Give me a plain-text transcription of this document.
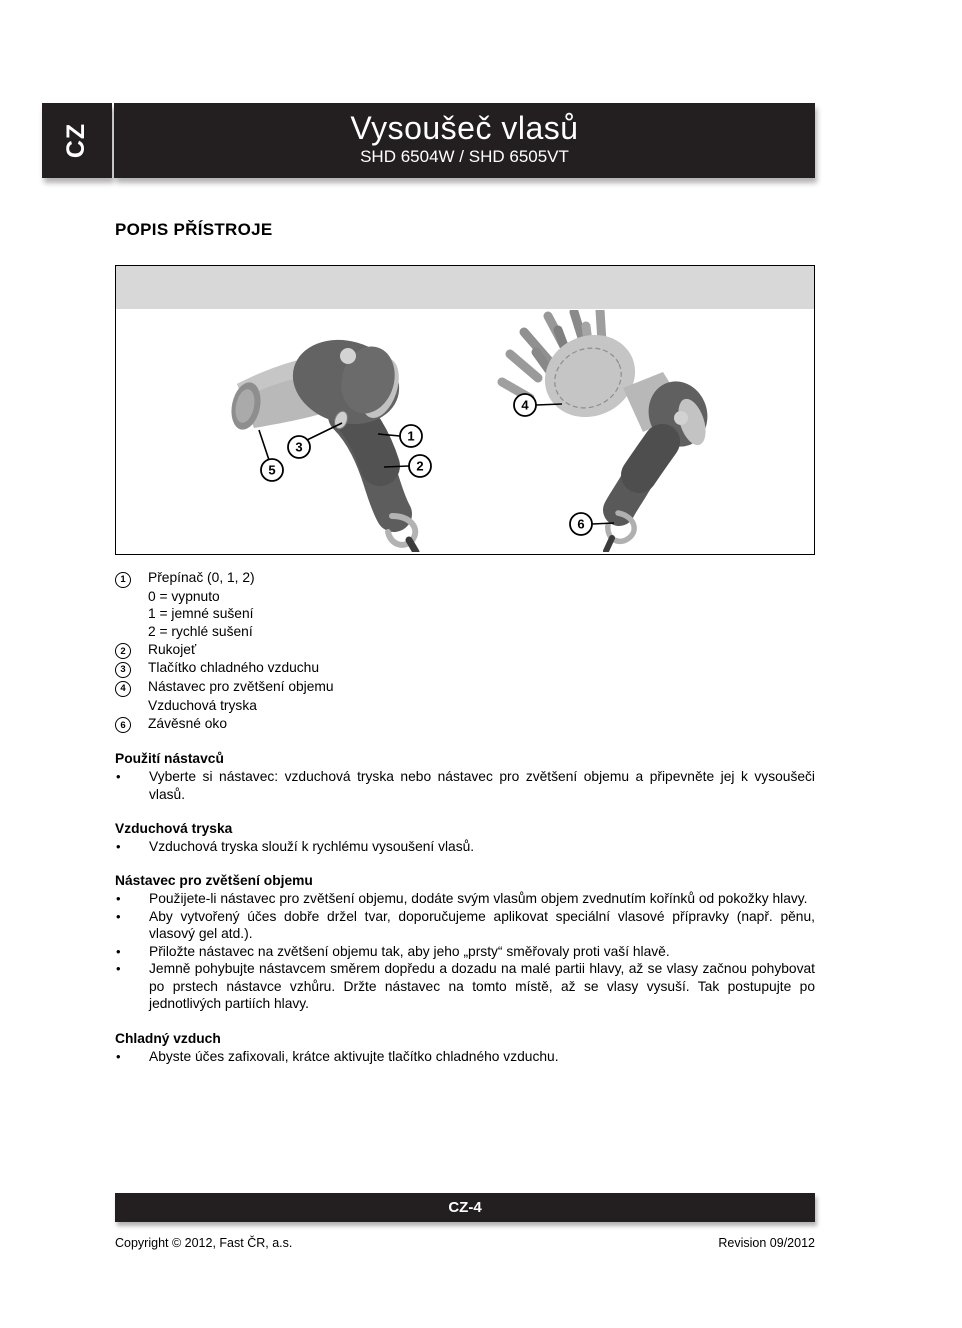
CZ	Vysoušeč vlasů
SHD 6504W / SHD 6505VT
POPIS PŘÍSTROJE
1
2
3
4
5
6
1	Přepínač (0, 1, 2)
0 = vypnuto
1 = jemné sušení
2 = rychlé sušení
2	Rukojeť
3	Tlačítko chladného vzduchu
4	Nástavec pro zvětšení objemu
Vzduchová tryska
6	Závěsné oko
Použití nástavců
•	Vyberte si nástavec: vzduchová tryska nebo nástavec pro zvětšení objemu a připevněte jej k vysoušeči vlasů.
Vzduchová tryska
•	Vzduchová tryska slouží k rychlému vysoušení vlasů.
Nástavec pro zvětšení objemu
•	Použijete-li nástavec pro zvětšení objemu, dodáte svým vlasům objem zvednutím kořínků od pokožky hlavy.
•	Aby vytvořený účes dobře držel tvar, doporučujeme aplikovat speciální vlasové přípravky (např. pěnu, vlasový gel atd.).
•	Přiložte nástavec na zvětšení objemu tak, aby jeho „prsty“ směřovaly proti vaší hlavě.
•	Jemně pohybujte nástavcem směrem dopředu a dozadu na malé partii hlavy, až se vlasy začnou pohybovat po prstech nástavce vzhůru. Držte nástavec na tomto místě, až se vlasy vysuší. Tak postupujte po jednotlivých partiích hlavy.
Chladný vzduch
•	Abyste účes zafixovali, krátce aktivujte tlačítko chladného vzduchu.
CZ-4
Copyright © 2012, Fast ČR, a.s.	Revision 09/2012
